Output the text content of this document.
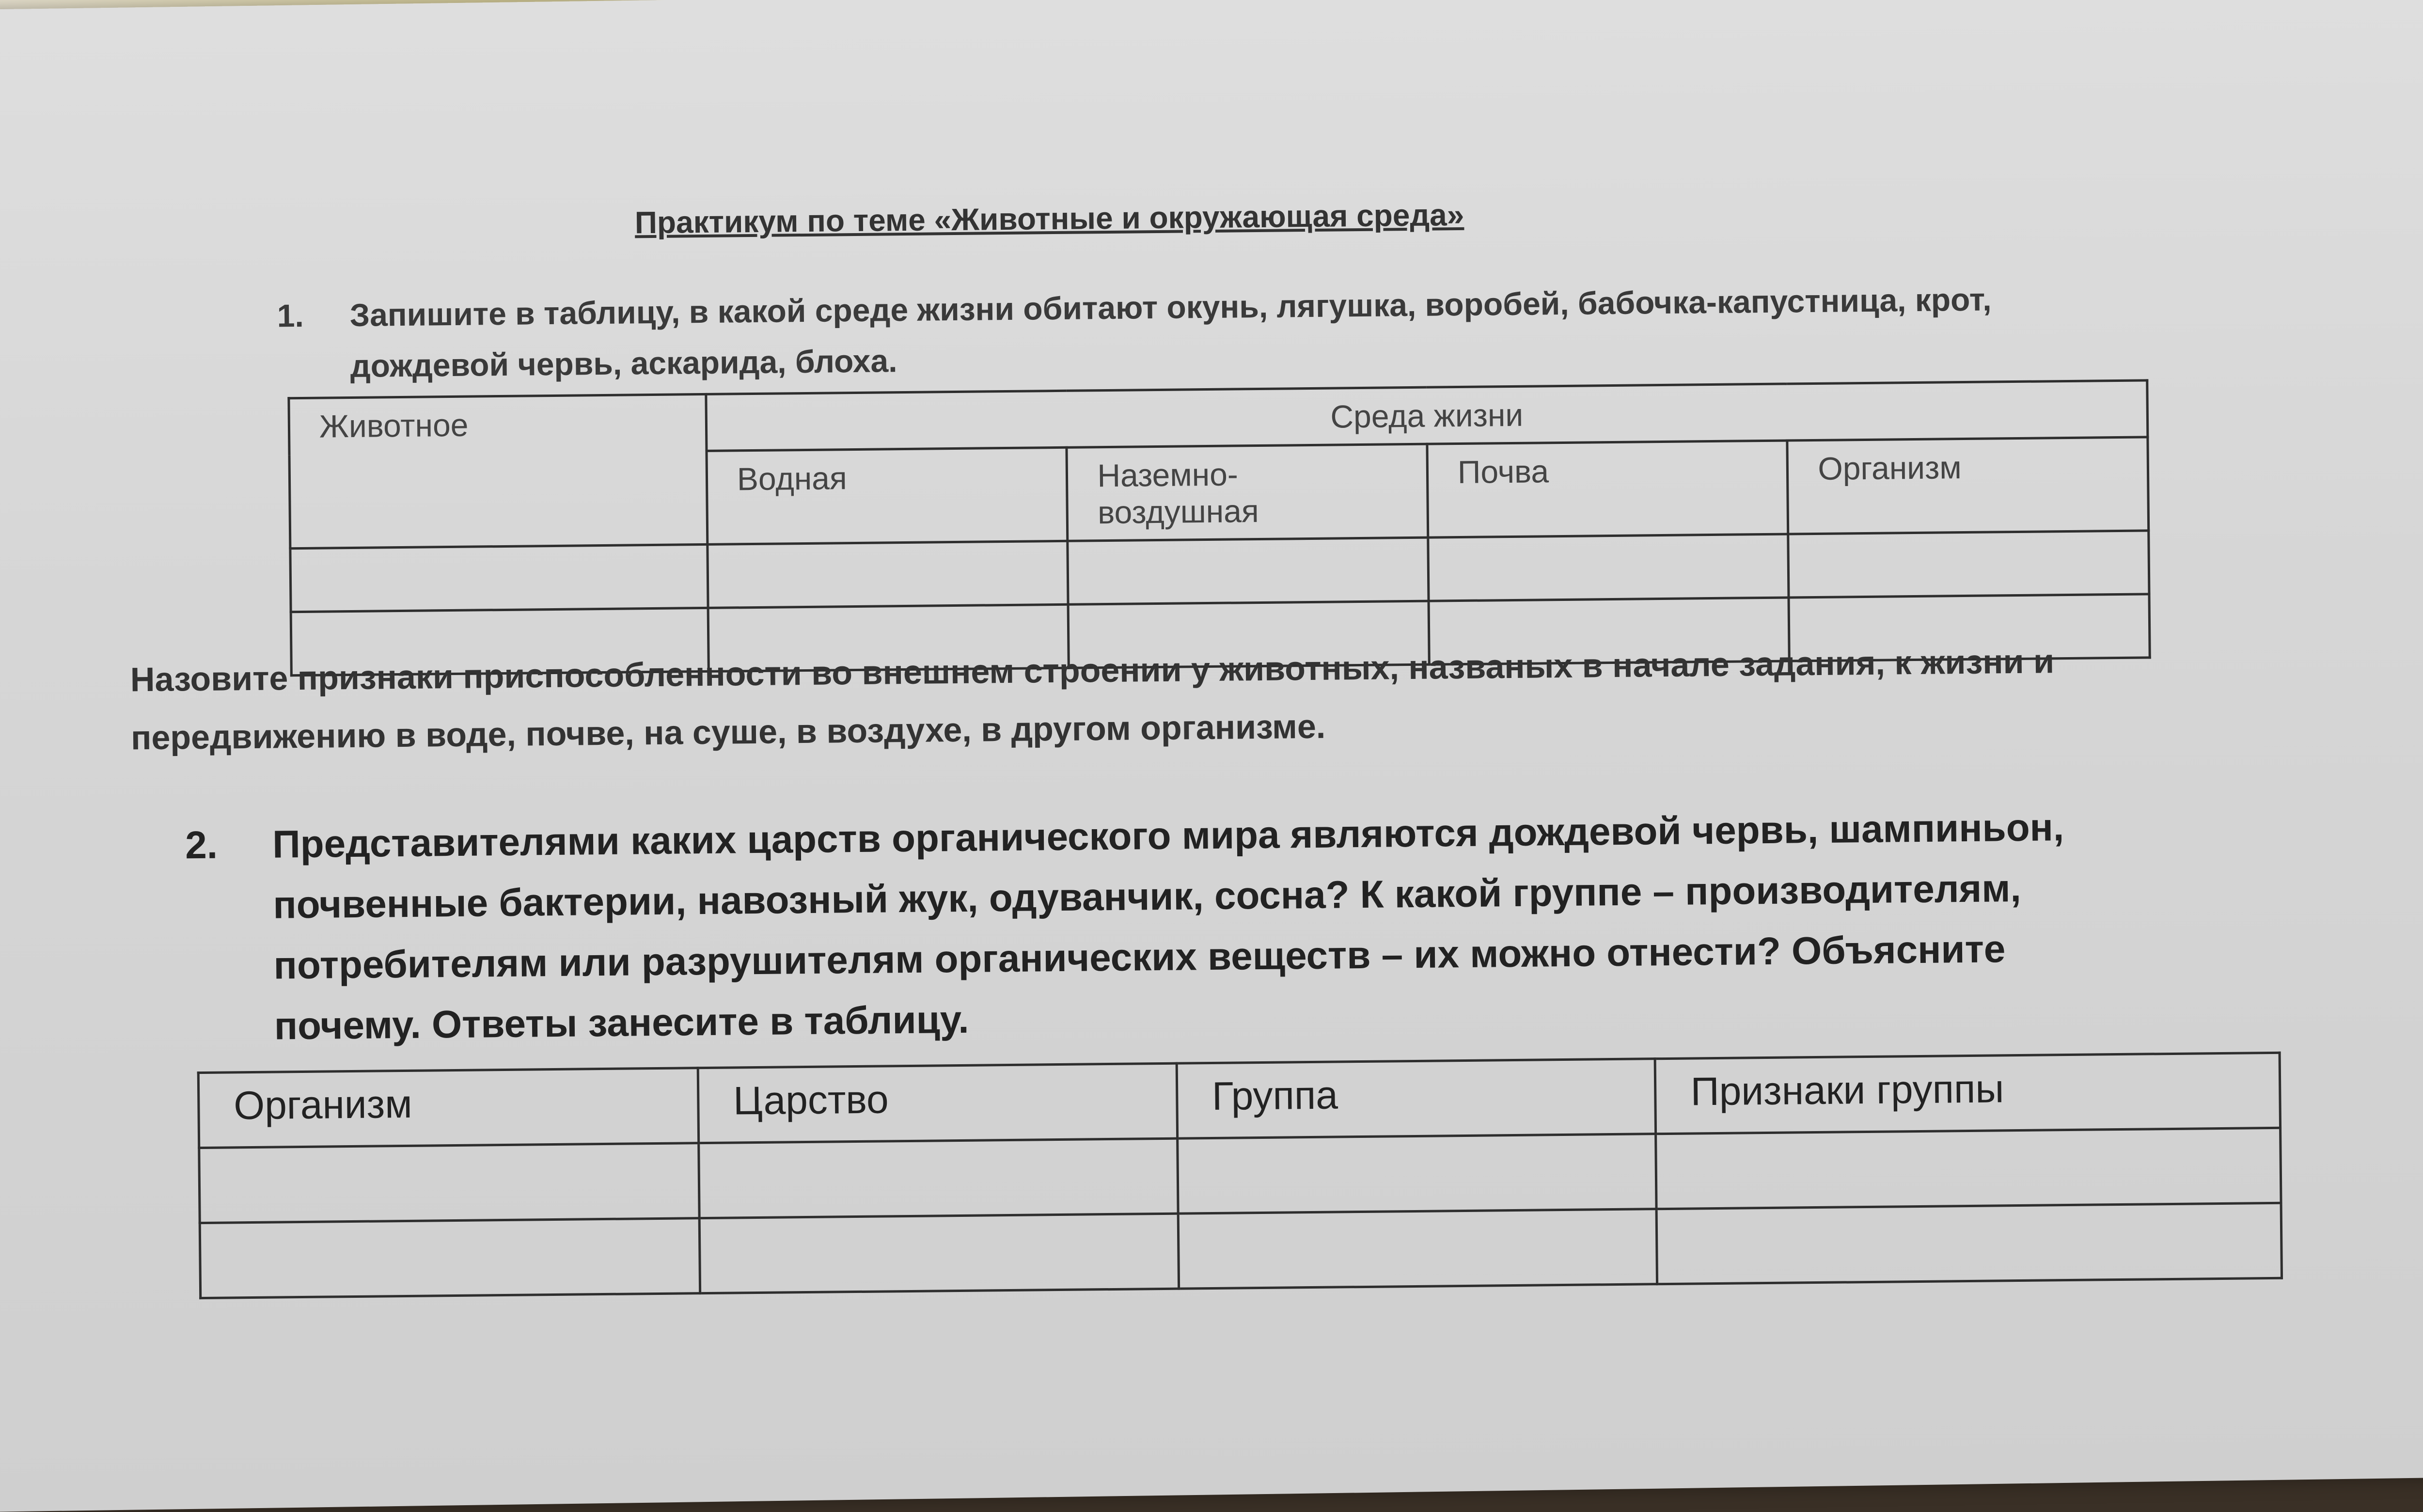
Практикум по теме «Животные и окружающая среда»
1. Запишите в таблицу, в какой среде жизни обитают окунь, лягушка, воробей, бабочка-капустница, крот, дождевой червь, аскарида, блоха.
Животное	Среда жизни			
	Водная	Наземно-воздушная	Почва	Организм

Назовите признаки приспособленности во внешнем строении у животных, названых в начале задания, к жизни и передвижению в воде, почве, на суше, в воздухе, в другом организме.
2. Представителями каких царств органического мира являются дождевой червь, шампиньон, почвенные бактерии, навозный жук, одуванчик, сосна? К какой группе – производителям, потребителям или разрушителям органических веществ – их можно отнести? Объясните почему. Ответы занесите в таблицу.
Организм	Царство	Группа	Признаки группы
